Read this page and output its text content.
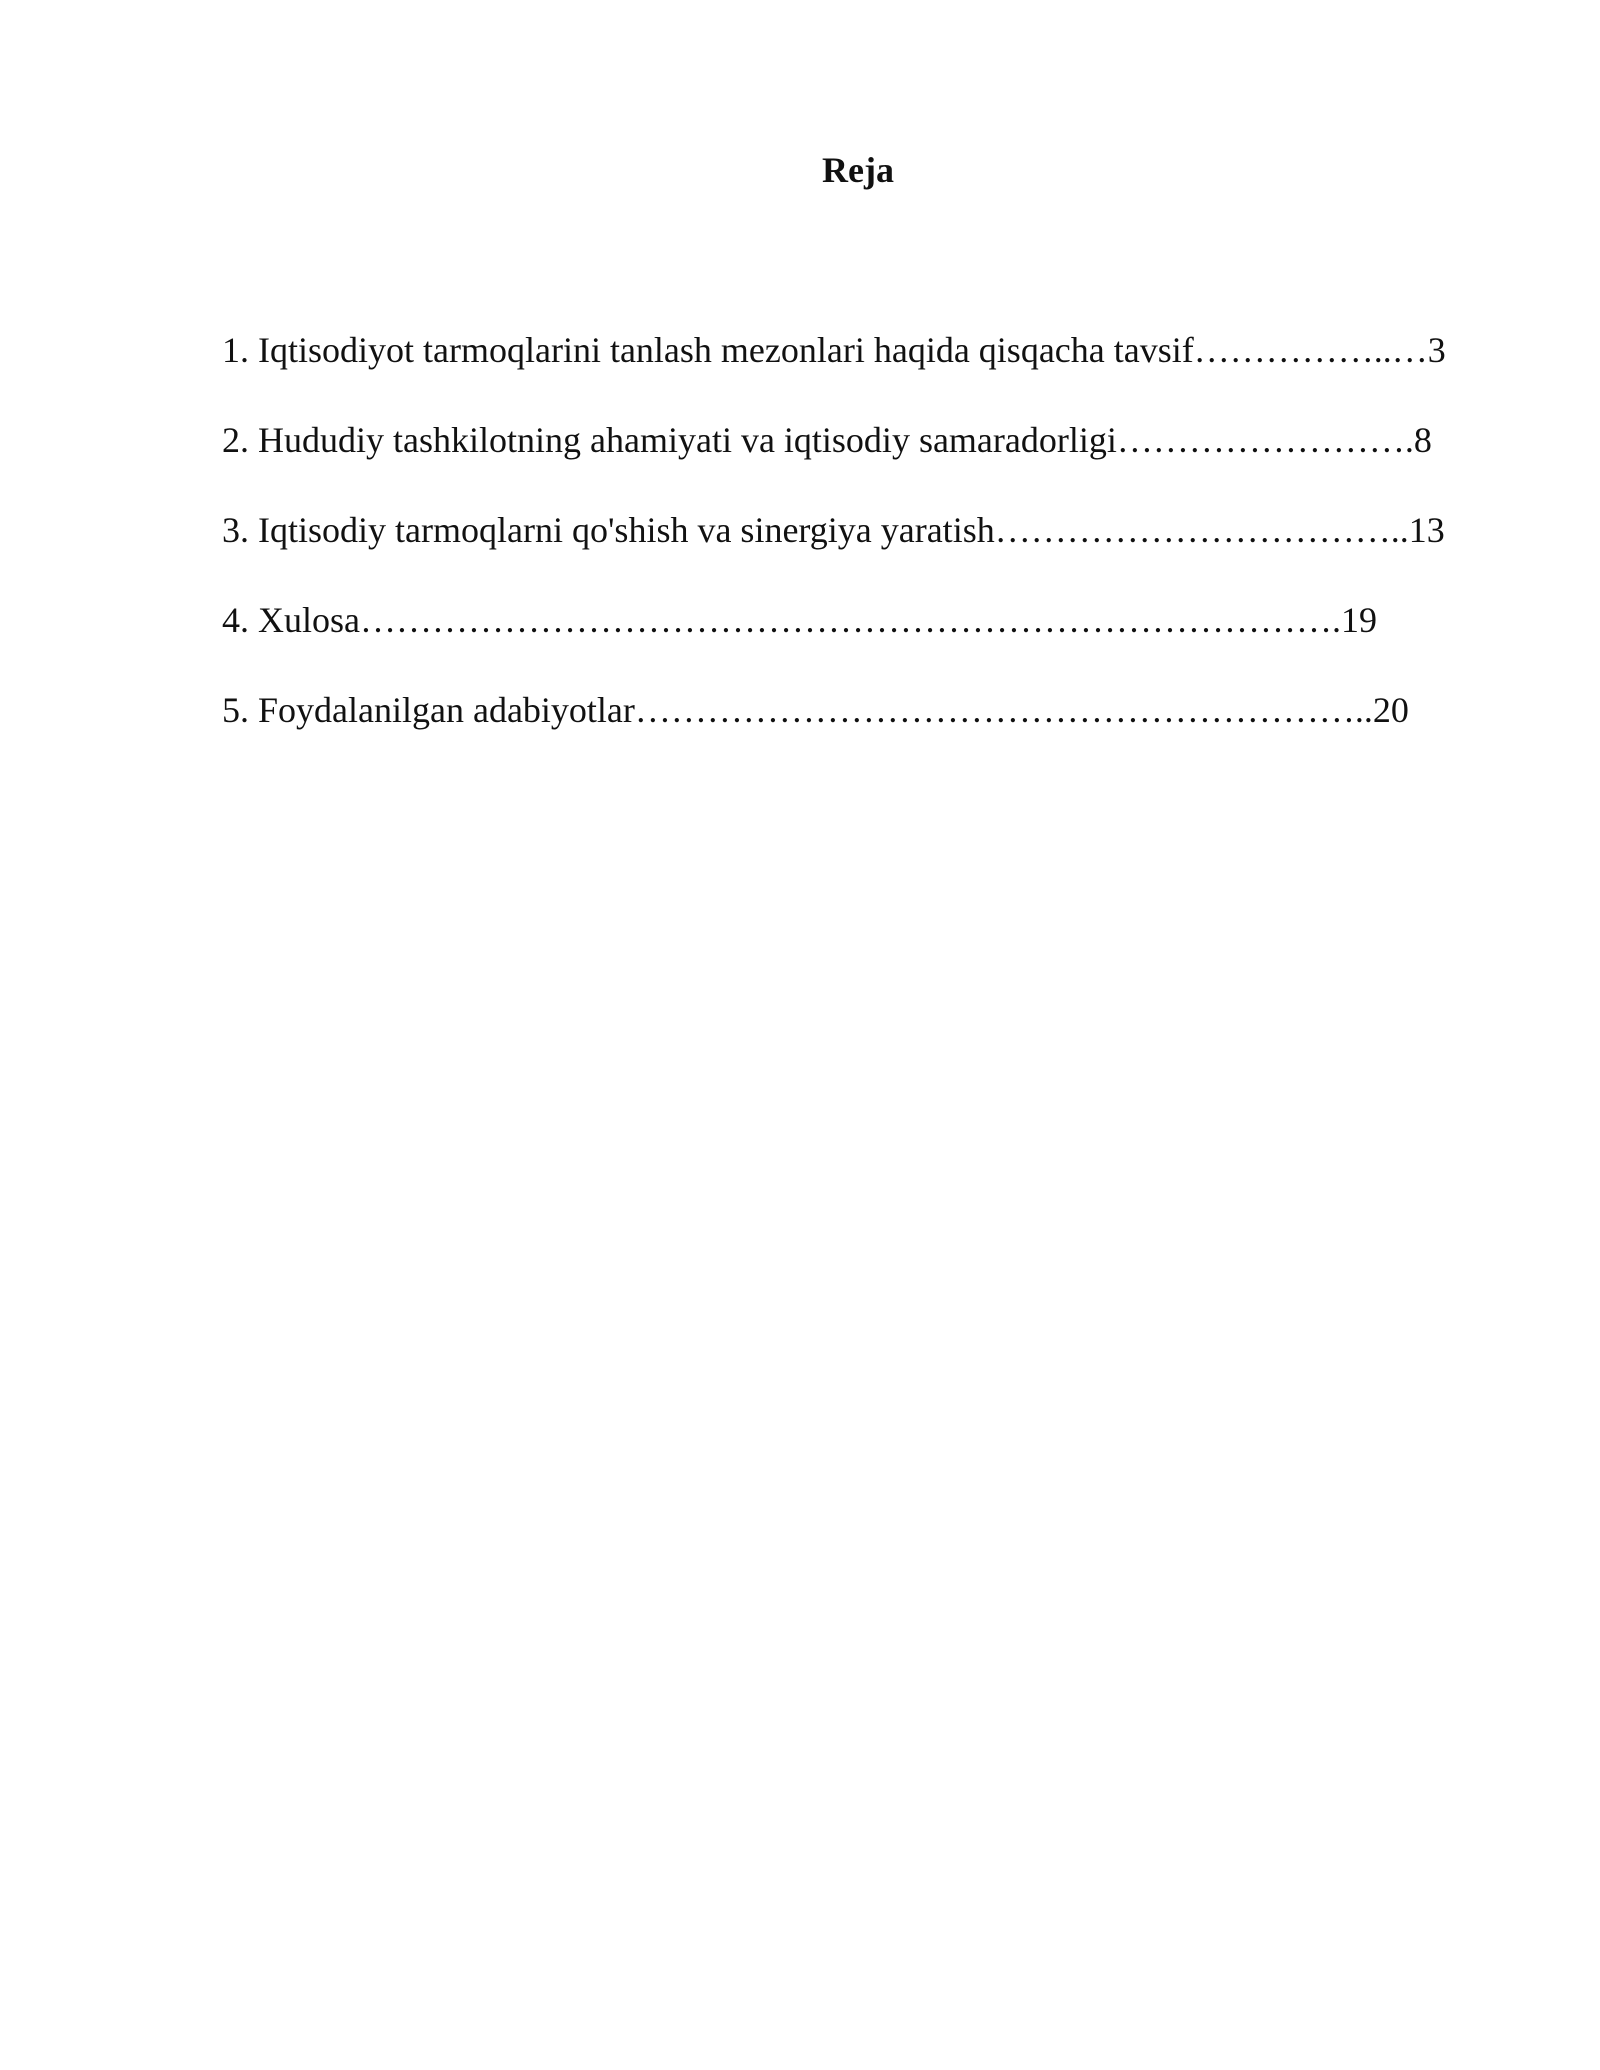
Reja
1. Iqtisodiyot tarmoqlarini tanlash mezonlari haqida qisqacha tavsif……………..…3
2. Hududiy tashkilotning ahamiyati va iqtisodiy samaradorligi…………………….8
3. Iqtisodiy tarmoqlarni qo'shish va sinergiya yaratish……………………………..13
4. Xulosa……………………………………………………………………….19
5. Foydalanilgan adabiyotlar……………………………………………………..20
